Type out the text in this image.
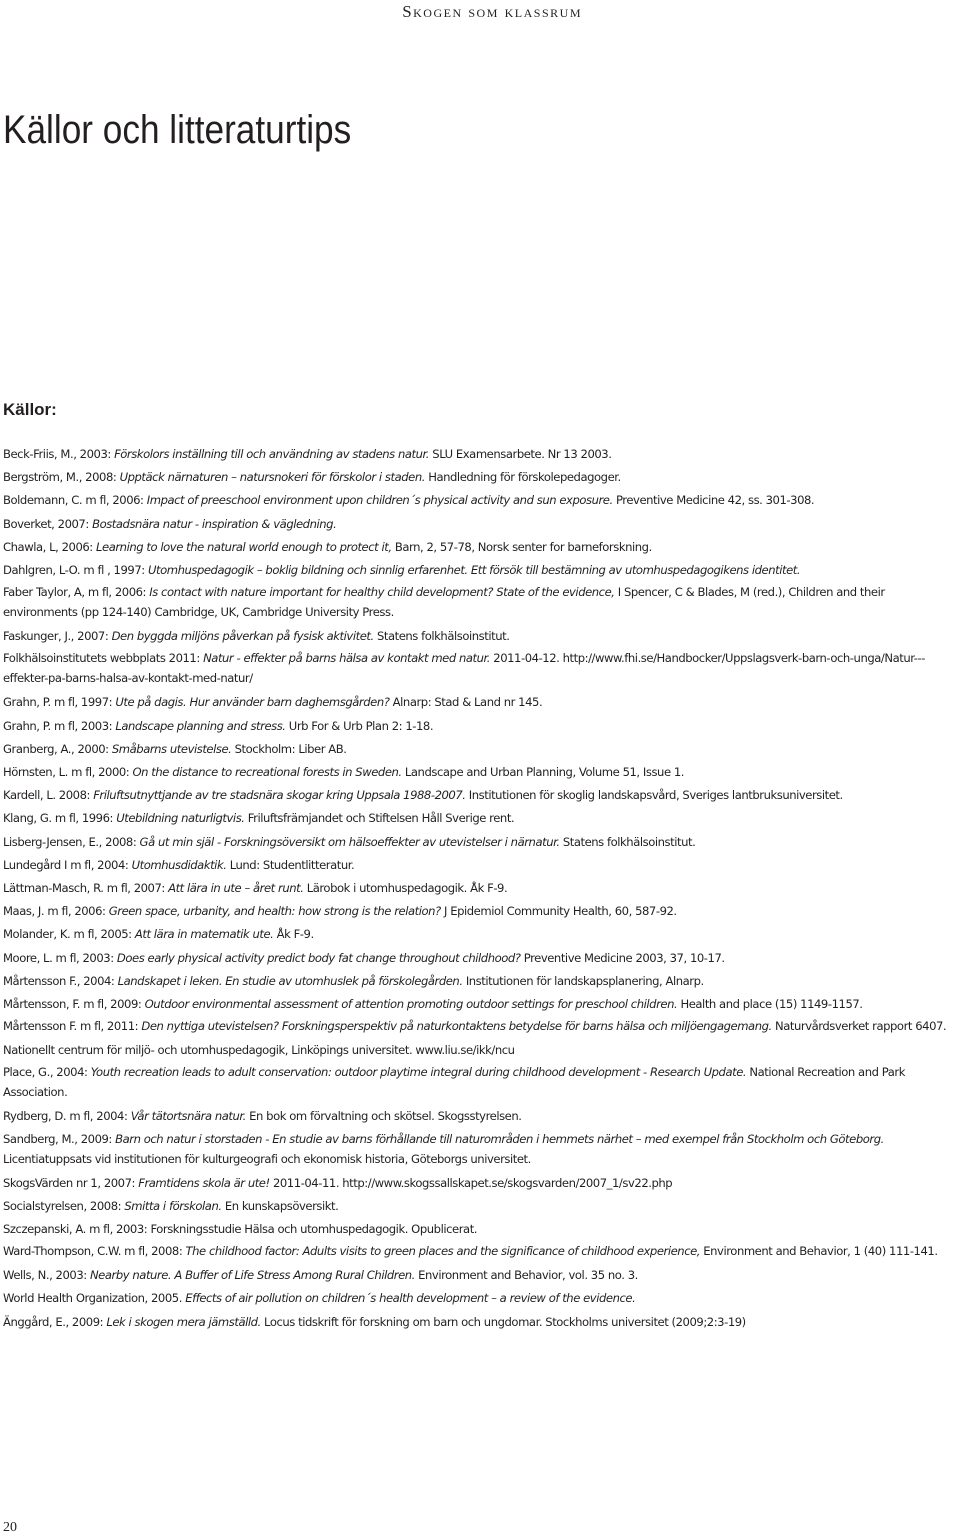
Skogen som klassrum
Källor och litteraturtips
Källor:

Beck-Friis, M., 2003: Förskolors inställning till och användning av stadens natur. SLU Examensarbete. Nr 13 2003.

Bergström, M., 2008: Upptäck närnaturen – natursnokeri för förskolor i staden. Handledning för förskolepedagoger.

Boldemann, C. m fl, 2006: Impact of preeschool environment upon children´s physical activity and sun exposure. Preventive Medicine 42, ss. 301-308.

Boverket, 2007: Bostadsnära natur - inspiration & vägledning.

Chawla, L, 2006: Learning to love the natural world enough to protect it, Barn, 2, 57-78, Norsk senter for barneforskning.

Dahlgren, L-O. m fl , 1997: Utomhuspedagogik – boklig bildning och sinnlig erfarenhet. Ett försök till bestämning av utomhuspedagogikens identitet.

Faber Taylor, A, m fl, 2006: Is contact with nature important for healthy child development? State of the evidence, I Spencer, C & Blades, M (red.), Children and their environments (pp 124-140) Cambridge, UK, Cambridge University Press.

Faskunger, J., 2007: Den byggda miljöns påverkan på fysisk aktivitet. Statens folkhälsoinstitut.

Folkhälsoinstitutets webbplats 2011: Natur - effekter på barns hälsa av kontakt med natur. 2011-04-12. http://www.fhi.se/Handbocker/Uppslagsverk-barn-och-unga/Natur---effekter-pa-barns-halsa-av-kontakt-med-natur/

Grahn, P. m fl, 1997: Ute på dagis. Hur använder barn daghemsgården? Alnarp: Stad & Land nr 145.

Grahn, P. m fl, 2003: Landscape planning and stress. Urb For & Urb Plan 2: 1-18.

Granberg, A., 2000: Småbarns utevistelse. Stockholm: Liber AB.

Hörnsten, L. m fl, 2000: On the distance to recreational forests in Sweden. Landscape and Urban Planning, Volume 51, Issue 1.

Kardell, L. 2008: Friluftsutnyttjande av tre stadsnära skogar kring Uppsala 1988-2007. Institutionen för skoglig landskapsvård, Sveriges lantbruksuniversitet.

Klang, G. m fl, 1996: Utebildning naturligtvis. Friluftsfrämjandet och Stiftelsen Håll Sverige rent.

Lisberg-Jensen, E., 2008: Gå ut min själ - Forskningsöversikt om hälsoeffekter av utevistelser i närnatur. Statens folkhälsoinstitut.

Lundegård I m fl, 2004: Utomhusdidaktik. Lund: Studentlitteratur.

Lättman-Masch, R. m fl, 2007: Att lära in ute – året runt. Lärobok i utomhuspedagogik. Åk F-9.

Maas, J. m fl, 2006: Green space, urbanity, and health: how strong is the relation? J Epidemiol Community Health, 60, 587-92.

Molander, K. m fl, 2005: Att lära in matematik ute. Åk F-9.

Moore, L. m fl, 2003: Does early physical activity predict body fat change throughout childhood? Preventive Medicine 2003, 37, 10-17.

Mårtensson F., 2004: Landskapet i leken. En studie av utomhuslek på förskolegården. Institutionen för landskapsplanering, Alnarp.

Mårtensson, F. m fl, 2009: Outdoor environmental assessment of attention promoting outdoor settings for preschool children. Health and place (15) 1149-1157.

Mårtensson F. m fl, 2011: Den nyttiga utevistelsen? Forskningsperspektiv på naturkontaktens betydelse för barns hälsa och miljöengagemang. Naturvårdsverket rapport 6407.

Nationellt centrum för miljö- och utomhuspedagogik, Linköpings universitet. www.liu.se/ikk/ncu

Place, G., 2004: Youth recreation leads to adult conservation: outdoor playtime integral during childhood development - Research Update. National Recreation and Park Association.

Rydberg, D. m fl, 2004: Vår tätortsnära natur. En bok om förvaltning och skötsel. Skogsstyrelsen.

Sandberg, M., 2009: Barn och natur i storstaden - En studie av barns förhållande till naturområden i hemmets närhet – med exempel från Stockholm och Göteborg. Licentiatuppsats vid institutionen för kulturgeografi och ekonomisk historia, Göteborgs universitet.

SkogsVärden nr 1, 2007: Framtidens skola är ute! 2011-04-11. http://www.skogssallskapet.se/skogsvarden/2007_1/sv22.php

Socialstyrelsen, 2008: Smitta i förskolan. En kunskapsöversikt.

Szczepanski, A. m fl, 2003: Forskningsstudie Hälsa och utomhuspedagogik. Opublicerat.

Ward-Thompson, C.W. m fl, 2008: The childhood factor: Adults visits to green places and the significance of childhood experience, Environment and Behavior, 1 (40) 111-141.

Wells, N., 2003: Nearby nature. A Buffer of Life Stress Among Rural Children. Environment and Behavior, vol. 35 no. 3.

World Health Organization, 2005. Effects of air pollution on children´s health development – a review of the evidence.

Änggård, E., 2009: Lek i skogen mera jämställd. Locus tidskrift för forskning om barn och ungdomar. Stockholms universitet (2009;2:3-19)

20
